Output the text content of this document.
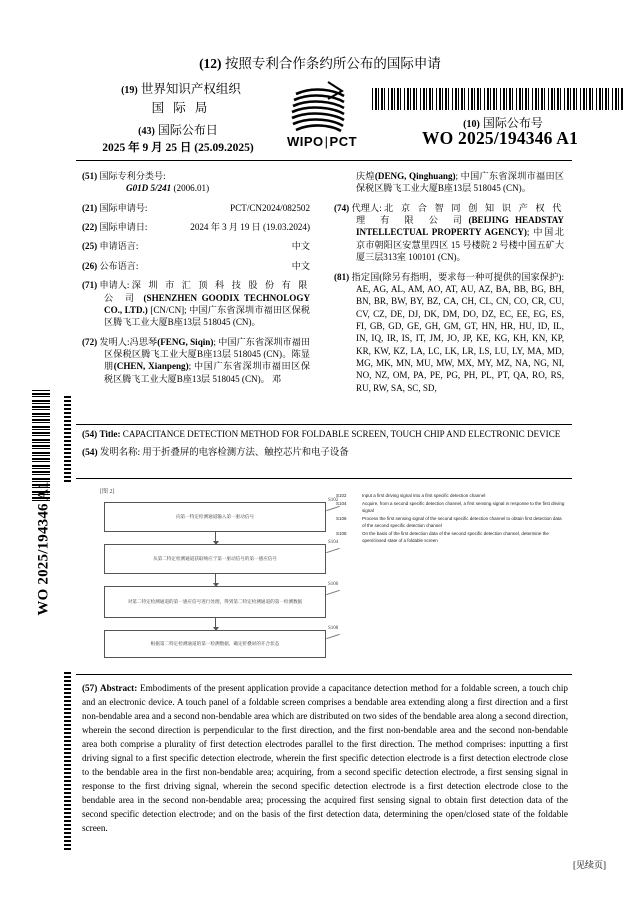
(12) 按照专利合作条约所公布的国际申请
(19) 世界知识产权组织
国 际 局
(43) 国际公布日
2025 年 9 月 25 日 (25.09.2025)	WIPO|PCT
(10) 国际公布号
WO 2025/194346 A1
WO 2025/194346 A1
(51) 国际专利分类号:
G01D 5/241 (2006.01)
(21) 国际申请号:	PCT/CN2024/082502
(22) 国际申请日:	2024 年 3 月 19 日 (19.03.2024)
(25) 申请语言:	中文
(26) 公布语言:	中文
(71) 申请人: 深 圳 市 汇 顶 科 技 股 份 有 限 公 司 (SHENZHEN GOODIX TECHNOLOGY CO., LTD.) [CN/CN]; 中国广东省深圳市福田区保税区腾飞工业大厦B座13层 518045 (CN)。
(72) 发明人:冯思琴(FENG, Siqin); 中国广东省深圳市福田区保税区腾飞工业大厦B座13层 518045 (CN)。陈显朋(CHEN, Xianpeng); 中国广东省深圳市福田区保税区腾飞工业大厦B座13层 518045 (CN)。 邓
庆煌(DENG, Qinghuang); 中国广东省深圳市福田区保税区腾飞工业大厦B座13层 518045 (CN)。
(74) 代理人: 北 京 合 智 同 创 知 识 产 权 代 理 有 限 公 司(BEIJING HEADSTAY INTELLECTUAL PROPERTY AGENCY); 中国北京市朝阳区安慧里四区 15 号楼院 2 号楼中国五矿大厦三层313室 100101 (CN)。
(81) 指定国(除另有指明，要求每一种可提供的国家保护): AE, AG, AL, AM, AO, AT, AU, AZ, BA, BB, BG, BH, BN, BR, BW, BY, BZ, CA, CH, CL, CN, CO, CR, CU, CV, CZ, DE, DJ, DK, DM, DO, DZ, EC, EE, EG, ES, FI, GB, GD, GE, GH, GM, GT, HN, HR, HU, ID, IL, IN, IQ, IR, IS, IT, JM, JO, JP, KE, KG, KH, KN, KP, KR, KW, KZ, LA, LC, LK, LR, LS, LU, LY, MA, MD, MG, MK, MN, MU, MW, MX, MY, MZ, NA, NG, NI, NO, NZ, OM, PA, PE, PG, PH, PL, PT, QA, RO, RS, RU, RW, SA, SC, SD,
(54) Title: CAPACITANCE DETECTION METHOD FOR FOLDABLE SCREEN, TOUCH CHIP AND ELECTRONIC DEVICE
(54) 发明名称: 用于折叠屏的电容检测方法、触控芯片和电子设备
[图 2]
向第一特定检测通道输入第一驱动信号
从第二特定检测通道获取响应于第一驱动信号的第一感应信号
对第二特定检测通道的第一感应信号进行处理，得到第二特定检测通道的第一检测数据
根据第二特定检测通道的第一检测数据，确定折叠屏的开合状态
S102
S104
S106
S108
S102	Input a first driving signal into a first specific detection channel
S104	Acquire, from a second specific detection channel, a first sensing signal in response to the first driving signal
S106	Process the first sensing signal of the second specific detection channel to obtain first detection data of the second specific detection channel
S108	On the basis of the first detection data of the second specific detection channel, determine the open/closed state of a foldable screen
(57) Abstract: Embodiments of the present application provide a capacitance detection method for a foldable screen, a touch chip and an electronic device. A touch panel of a foldable screen comprises a bendable area extending along a first direction and a first non-bendable area and a second non-bendable area which are distributed on two sides of the bendable area along a second direction, wherein the second direction is perpendicular to the first direction, and the first non-bendable area and the second non-bendable area both comprise a plurality of first detection electrodes parallel to the first direction. The method comprises: inputting a first driving signal to a first specific detection electrode, wherein the first specific detection electrode is a first detection electrode close to the bendable area in the first non-bendable area; acquiring, from a second specific detection electrode, a first sensing signal in response to the first driving signal, wherein the second specific detection electrode is a first detection electrode close to the bendable area in the second non-bendable area; processing the acquired first sensing signal to obtain first detection data of the second specific detection electrode; and on the basis of the first detection data, determining the open/closed state of the foldable screen.
[见续页]
